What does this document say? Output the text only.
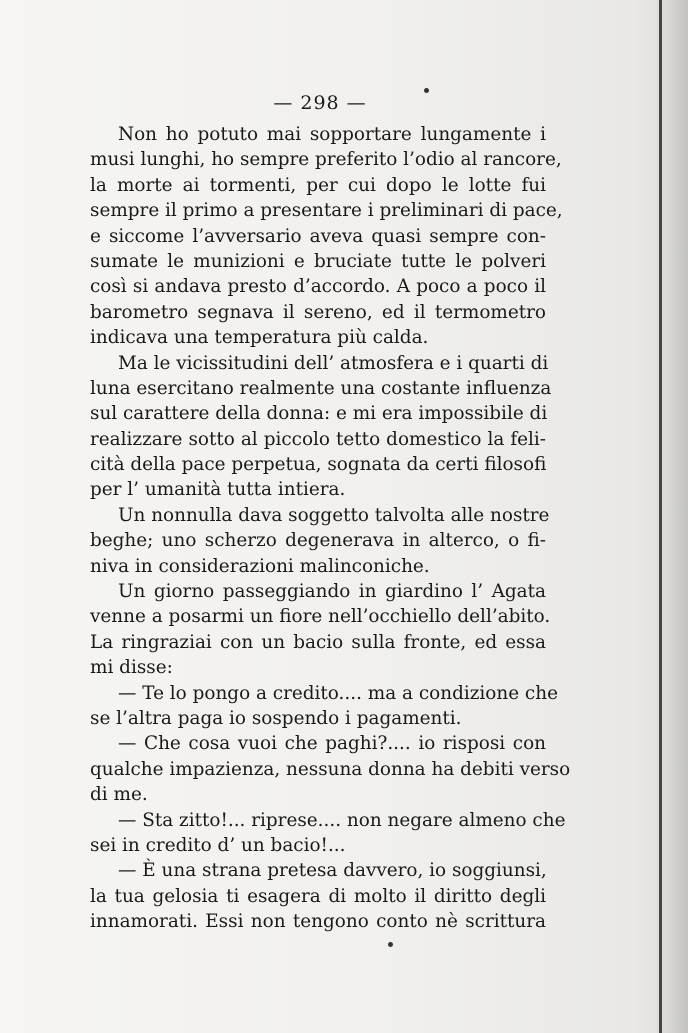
— 298 —
Non ho potuto mai sopportare lungamente i
musi lunghi, ho sempre preferito l’odio al rancore,
la morte ai tormenti, per cui dopo le lotte fui
sempre il primo a presentare i preliminari di pace,
e siccome l’avversario aveva quasi sempre con-
sumate le munizioni e bruciate tutte le polveri
così si andava presto d’accordo. A poco a poco il
barometro segnava il sereno, ed il termometro
indicava una temperatura più calda.
Ma le vicissitudini dell’ atmosfera e i quarti di
luna esercitano realmente una costante influenza
sul carattere della donna: e mi era impossibile di
realizzare sotto al piccolo tetto domestico la feli-
cità della pace perpetua, sognata da certi filosofi
per l’ umanità tutta intiera.
Un nonnulla dava soggetto talvolta alle nostre
beghe; uno scherzo degenerava in alterco, o fi-
niva in considerazioni malinconiche.
Un giorno passeggiando in giardino l’ Agata
venne a posarmi un fiore nell’occhiello dell’abito.
La ringraziai con un bacio sulla fronte, ed essa
mi disse:
— Te lo pongo a credito.... ma a condizione che
se l’altra paga io sospendo i pagamenti.
— Che cosa vuoi che paghi?.... io risposi con
qualche impazienza, nessuna donna ha debiti verso
di me.
— Sta zitto!... riprese.... non negare almeno che
sei in credito d’ un bacio!...
— È una strana pretesa davvero, io soggiunsi,
la tua gelosia ti esagera di molto il diritto degli
innamorati. Essi non tengono conto nè scrittura
